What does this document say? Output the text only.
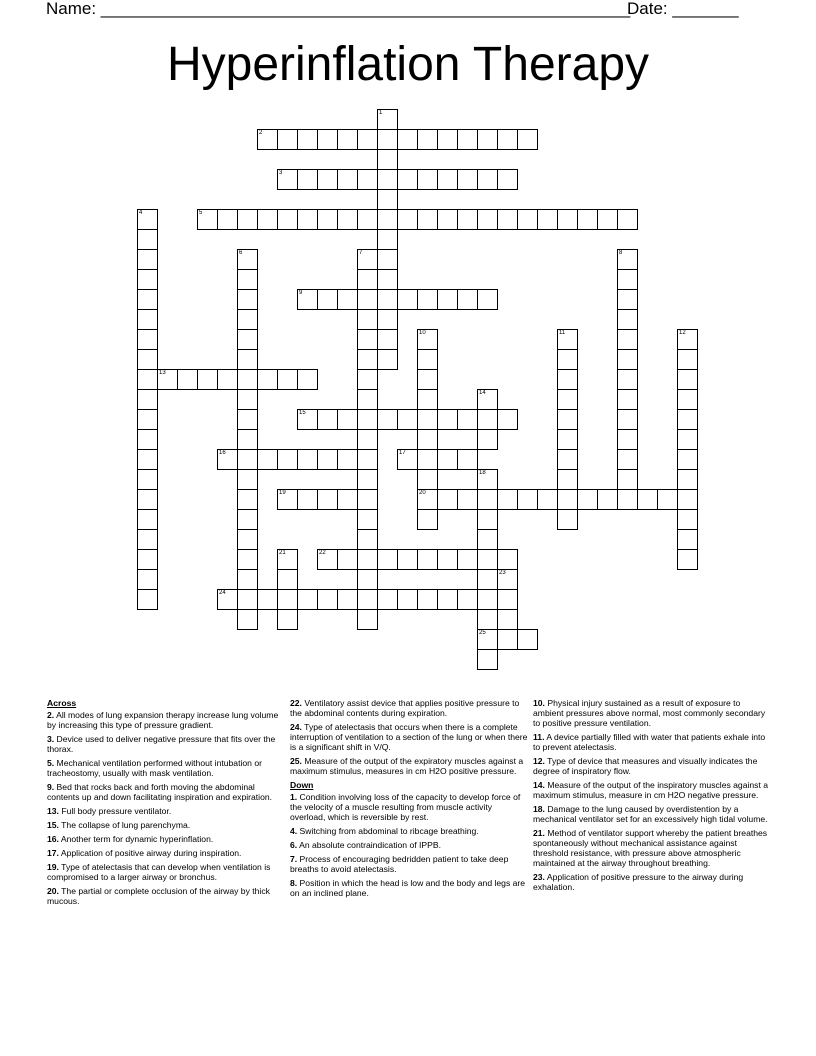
Name: ________________________________________________________
Date: _______
Hyperinflation Therapy
1
2
3
4	5
6	7	8
9
10
20
11	12
13
14
15
16	17
18
25
19
21	22
23
24
Across
2. All modes of lung expansion therapy increase lung volume by increasing this type of pressure gradient.
3. Device used to deliver negative pressure that fits over the thorax.
5. Mechanical ventilation performed without intubation or tracheostomy, usually with mask ventilation.
9. Bed that rocks back and forth moving the abdominal contents up and down facilitating inspiration and expiration.
13. Full body pressure ventilator.
15. The collapse of lung parenchyma.
16. Another term for dynamic hyperinflation.
17. Application of positive airway during inspiration.
19. Type of atelectasis that can develop when ventilation is compromised to a larger airway or bronchus.
20. The partial or complete occlusion of the airway by thick mucous.
22. Ventilatory assist device that applies positive pressure to the abdominal contents during expiration.
24. Type of atelectasis that occurs when there is a complete interruption of ventilation to a section of the lung or when there is a significant shift in V/Q.
25. Measure of the output of the expiratory muscles against a maximum stimulus, measures in cm H2O positive pressure.
Down
1. Condition involving loss of the capacity to develop force of the velocity of a muscle resulting from muscle activity overload, which is reversible by rest.
4. Switching from abdominal to ribcage breathing.
6. An absolute contraindication of IPPB.
7. Process of encouraging bedridden patient to take deep breaths to avoid atelectasis.
8. Position in which the head is low and the body and legs are on an inclined plane.
10. Physical injury sustained as a result of exposure to ambient pressures above normal, most commonly secondary to positive pressure ventilation.
11. A device partially filled with water that patients exhale into to prevent atelectasis.
12. Type of device that measures and visually indicates the degree of inspiratory flow.
14. Measure of the output of the inspiratory muscles against a maximum stimulus, measure in cm H2O negative pressure.
18. Damage to the lung caused by overdistention by a mechanical ventilator set for an excessively high tidal volume.
21. Method of ventilator support whereby the patient breathes spontaneously without mechanical assistance against threshold resistance, with pressure above atmospheric maintained at the airway throughout breathing.
23. Application of positive pressure to the airway during exhalation.
